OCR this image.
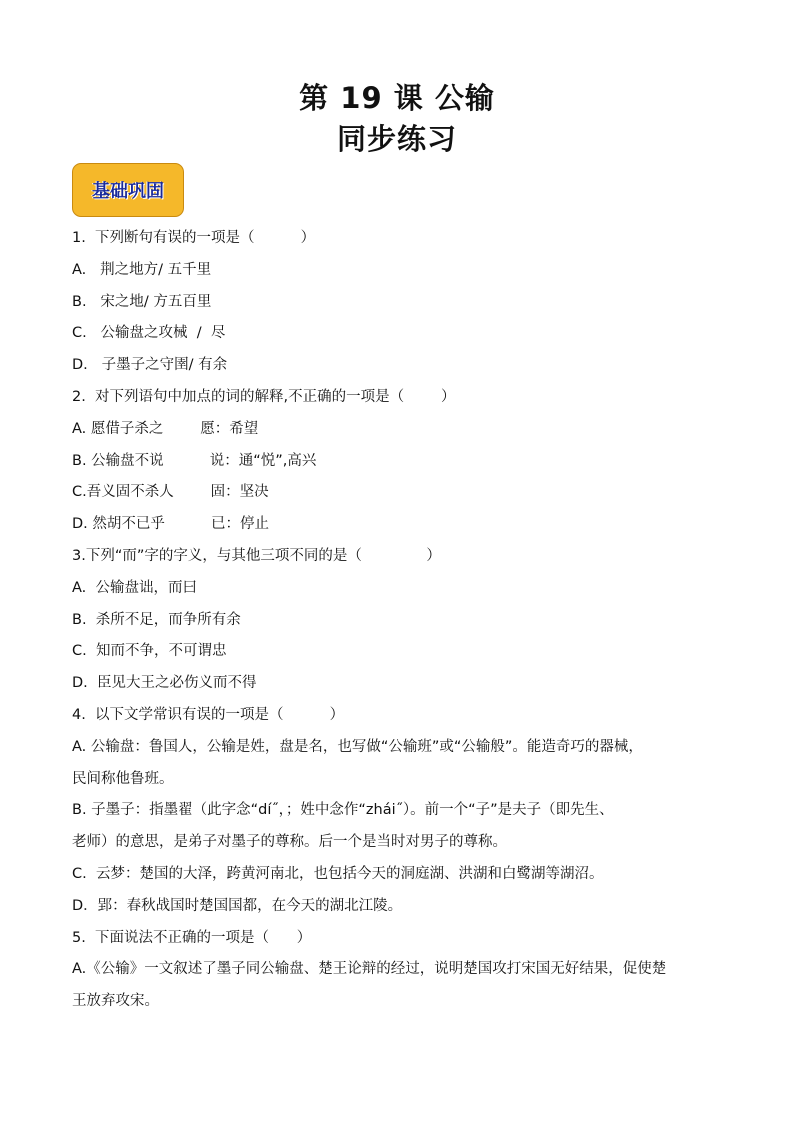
第 19 课 公输
同步练习
基础巩固

1.  下列断句有误的一项是（          ）

A.   荆之地方/ 五千里

B.   宋之地/ 方五百里

C.   公输盘之攻械  /  尽

D.   子墨子之守圉/ 有余

2.  对下列语句中加点的词的解释,不正确的一项是（        ）

A. 愿借子杀之        愿：希望

B. 公输盘不说          说：通“悦”,高兴

C.吾义固不杀人        固：坚决

D. 然胡不已乎          已：停止

3.下列“而”字的字义，与其他三项不同的是（              ）

A.  公输盘诎，而曰

B.  杀所不足，而争所有余

C.  知而不争，不可谓忠

D.  臣见大王之必伤义而不得

4.  以下文学常识有误的一项是（          ）

A. 公输盘：鲁国人，公输是姓，盘是名，也写做“公输班”或“公输般”。能造奇巧的器械，

民间称他鲁班。

B. 子墨子：指墨翟（此字念“dí˝，；姓中念作“zhái˝）。前一个“子”是夫子（即先生、

老师）的意思，是弟子对墨子的尊称。后一个是当时对男子的尊称。

C.  云梦：楚国的大泽，跨黄河南北，也包括今天的洞庭湖、洪湖和白鹭湖等湖沼。

D．郢：春秋战国时楚国国都，在今天的湖北江陵。

5.  下面说法不正确的一项是（      ）

A.《公输》一文叙述了墨子同公输盘、楚王论辩的经过，说明楚国攻打宋国无好结果，促使楚

王放弃攻宋。
